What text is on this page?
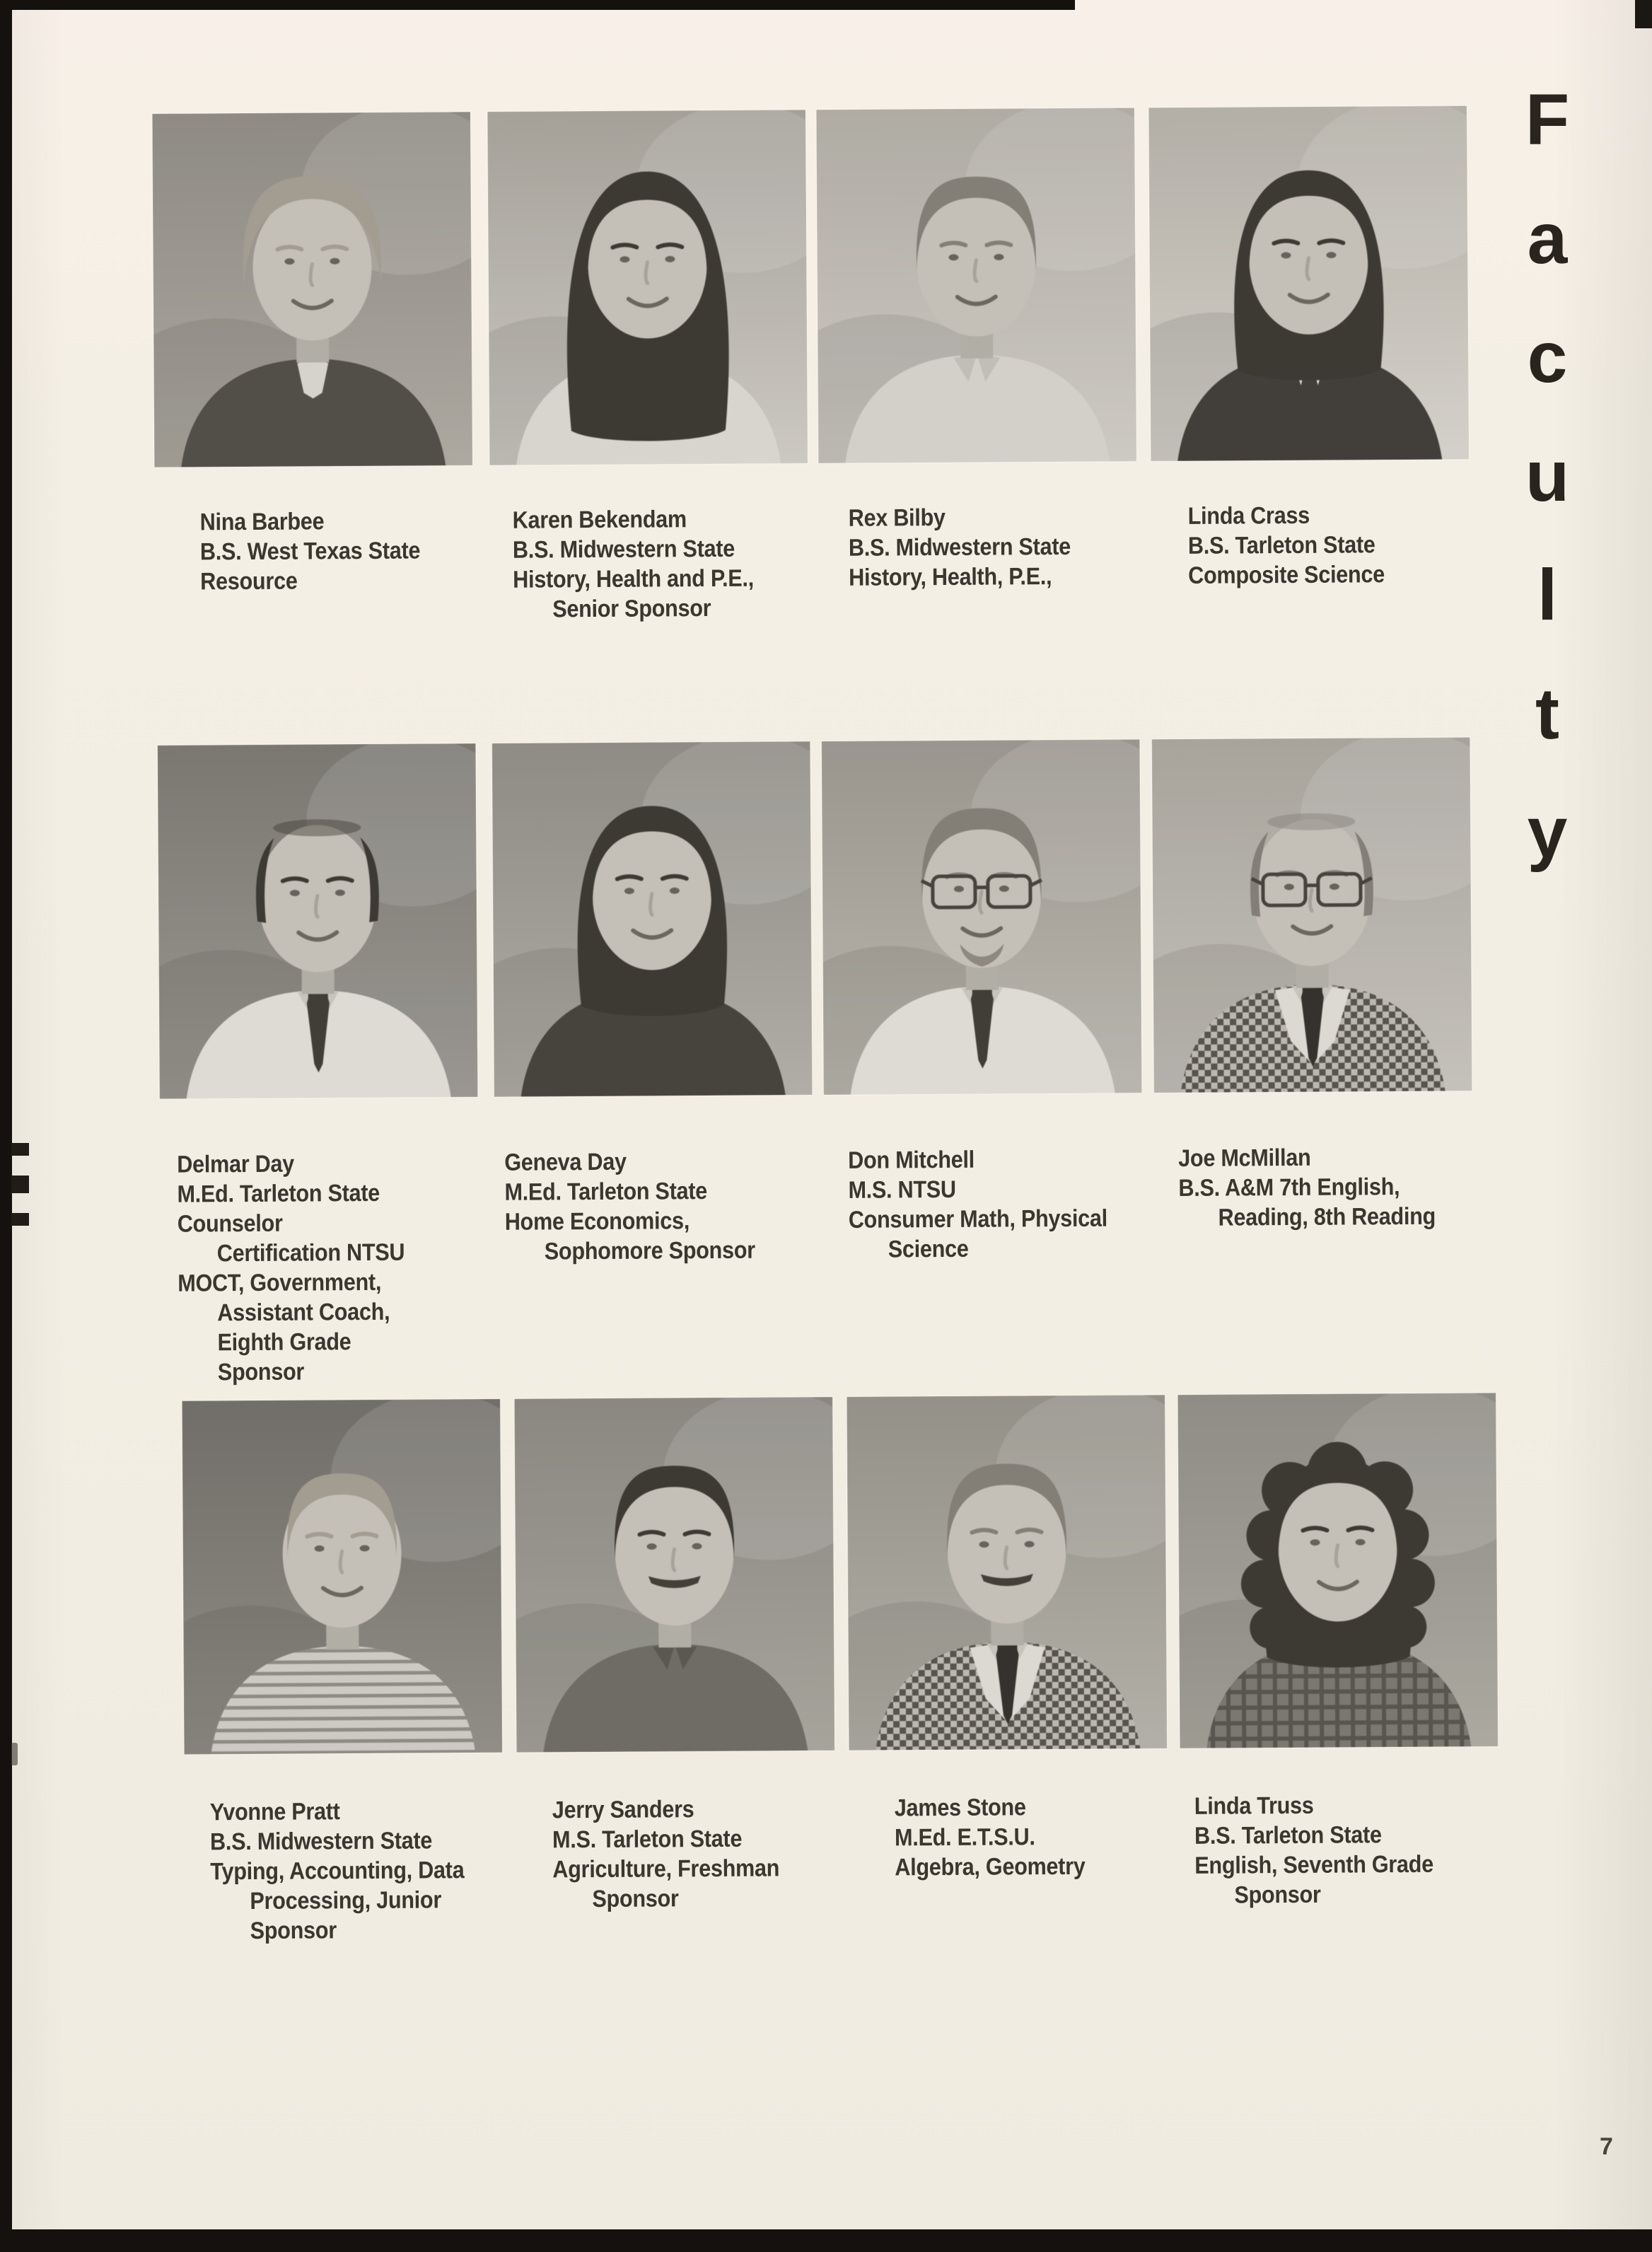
F
a
c
u
l
t
y
Nina Barbee
B.S. West Texas State
Resource
Karen Bekendam
B.S. Midwestern State
History, Health and P.E.,
Senior Sponsor
Rex Bilby
B.S. Midwestern State
History, Health, P.E.,
Linda Crass
B.S. Tarleton State
Composite Science
Delmar Day
M.Ed. Tarleton State
Counselor
Certification NTSU
MOCT, Government,
Assistant Coach,
Eighth Grade
Sponsor
Geneva Day
M.Ed. Tarleton State
Home Economics,
Sophomore Sponsor
Don Mitchell
M.S. NTSU
Consumer Math, Physical
Science
Joe McMillan
B.S. A&M 7th English,
Reading, 8th Reading
Yvonne Pratt
B.S. Midwestern State
Typing, Accounting, Data
Processing, Junior
Sponsor
Jerry Sanders
M.S. Tarleton State
Agriculture, Freshman
Sponsor
James Stone
M.Ed. E.T.S.U.
Algebra, Geometry
Linda Truss
B.S. Tarleton State
English, Seventh Grade
Sponsor
7
